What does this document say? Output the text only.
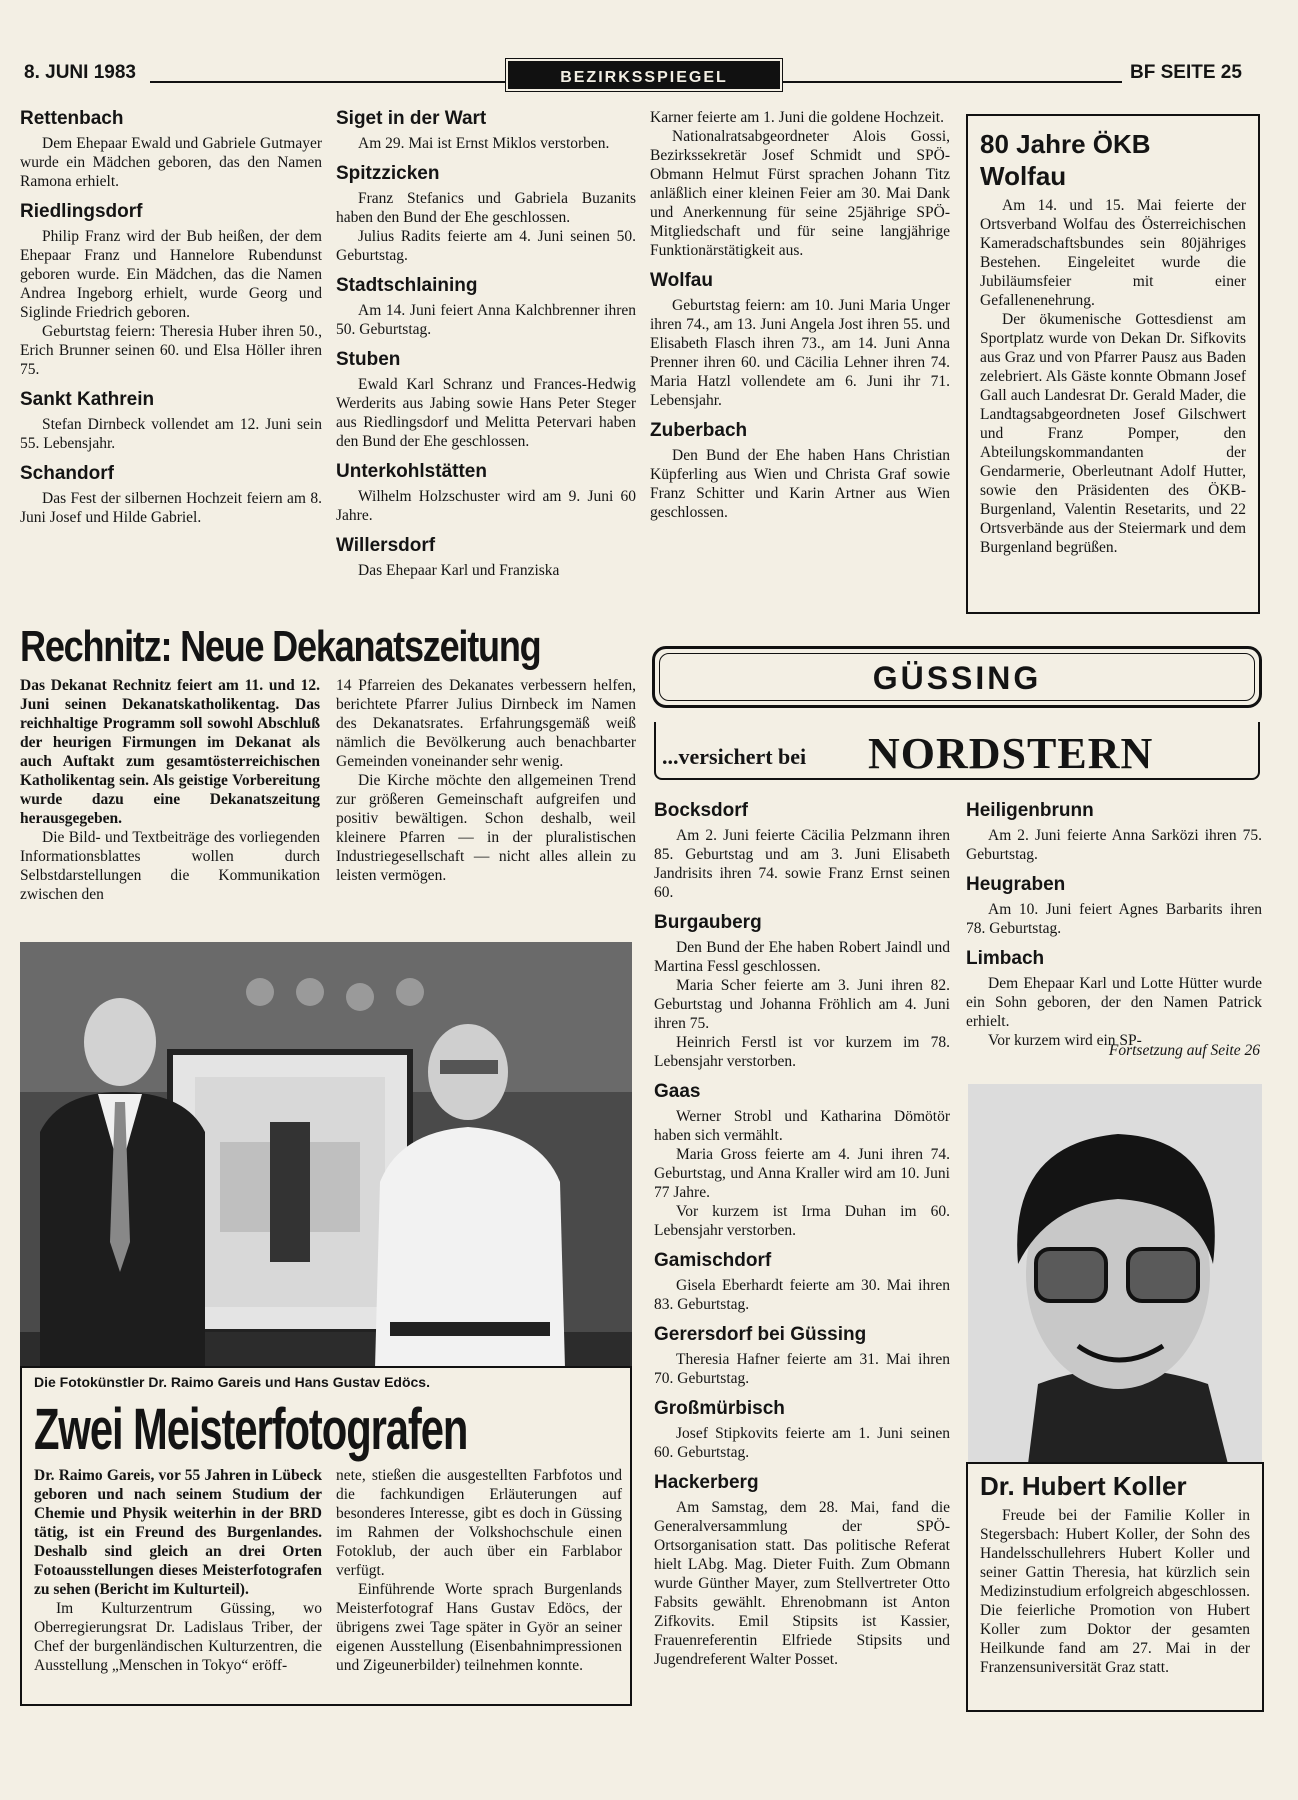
8. JUNI 1983	BEZIRKSSPIEGEL	BF SEITE 25
Rettenbach

Dem Ehepaar Ewald und Gabriele Gutmayer wurde ein Mädchen geboren, das den Namen Ramona erhielt.

Riedlingsdorf

Philip Franz wird der Bub heißen, der dem Ehepaar Franz und Hannelore Rubendunst geboren wurde. Ein Mädchen, das die Namen Andrea Ingeborg erhielt, wurde Georg und Siglinde Friedrich geboren.

Geburtstag feiern: Theresia Huber ihren 50., Erich Brunner seinen 60. und Elsa Höller ihren 75.

Sankt Kathrein

Stefan Dirnbeck vollendet am 12. Juni sein 55. Lebensjahr.

Schandorf

Das Fest der silbernen Hochzeit feiern am 8. Juni Josef und Hilde Gabriel.

Siget in der Wart

Am 29. Mai ist Ernst Miklos verstorben.

Spitzzicken

Franz Stefanics und Gabriela Buzanits haben den Bund der Ehe geschlossen.

Julius Radits feierte am 4. Juni seinen 50. Geburtstag.

Stadtschlaining

Am 14. Juni feiert Anna Kalchbrenner ihren 50. Geburtstag.

Stuben

Ewald Karl Schranz und Frances-Hedwig Werderits aus Jabing sowie Hans Peter Steger aus Riedlingsdorf und Melitta Petervari haben den Bund der Ehe geschlossen.

Unterkohlstätten

Wilhelm Holzschuster wird am 9. Juni 60 Jahre.

Willersdorf

Das Ehepaar Karl und Franziska

Karner feierte am 1. Juni die goldene Hochzeit.

Nationalratsabgeordneter Alois Gossi, Bezirkssekretär Josef Schmidt und SPÖ-Obmann Helmut Fürst sprachen Johann Titz anläßlich einer kleinen Feier am 30. Mai Dank und Anerkennung für seine 25jährige SPÖ-Mitgliedschaft und für seine langjährige Funktionärstätigkeit aus.

Wolfau

Geburtstag feiern: am 10. Juni Maria Unger ihren 74., am 13. Juni Angela Jost ihren 55. und Elisabeth Flasch ihren 73., am 14. Juni Anna Prenner ihren 60. und Cäcilia Lehner ihren 74. Maria Hatzl vollendete am 6. Juni ihr 71. Lebensjahr.

Zuberbach

Den Bund der Ehe haben Hans Christian Küpferling aus Wien und Christa Graf sowie Franz Schitter und Karin Artner aus Wien geschlossen.

80 Jahre ÖKB
Wolfau

Am 14. und 15. Mai feierte der Ortsverband Wolfau des Österreichischen Kameradschaftsbundes sein 80jähriges Bestehen. Eingeleitet wurde die Jubiläumsfeier mit einer Gefallenenehrung.

Der ökumenische Gottesdienst am Sportplatz wurde von Dekan Dr. Sifkovits aus Graz und von Pfarrer Pausz aus Baden zelebriert. Als Gäste konnte Obmann Josef Gall auch Landesrat Dr. Gerald Mader, die Landtagsabgeordneten Josef Gilschwert und Franz Pomper, den Abteilungskommandanten der Gendarmerie, Oberleutnant Adolf Hutter, sowie den Präsidenten des ÖKB-Burgenland, Valentin Resetarits, und 22 Ortsverbände aus der Steiermark und dem Burgenland begrüßen.

Rechnitz: Neue Dekanatszeitung

Das Dekanat Rechnitz feiert am 11. und 12. Juni seinen Dekanatskatholikentag. Das reichhaltige Programm soll sowohl Abschluß der heurigen Firmungen im Dekanat als auch Auftakt zum gesamtösterreichischen Katholikentag sein. Als geistige Vorbereitung wurde dazu eine Dekanatszeitung herausgegeben.

Die Bild- und Textbeiträge des vorliegenden Informationsblattes wollen durch Selbstdarstellungen die Kommunikation zwischen den

14 Pfarreien des Dekanates verbessern helfen, berichtete Pfarrer Julius Dirnbeck im Namen des Dekanatsrates. Erfahrungsgemäß weiß nämlich die Bevölkerung auch benachbarter Gemeinden voneinander sehr wenig.

Die Kirche möchte den allgemeinen Trend zur größeren Gemeinschaft aufgreifen und positiv bewältigen. Schon deshalb, weil kleinere Pfarren — in der pluralistischen Industriegesellschaft — nicht alles allein zu leisten vermögen.

Die Fotokünstler Dr. Raimo Gareis und Hans Gustav Edöcs.
Zwei Meisterfotografen

Dr. Raimo Gareis, vor 55 Jahren in Lübeck geboren und nach seinem Studium der Chemie und Physik weiterhin in der BRD tätig, ist ein Freund des Burgenlandes. Deshalb sind gleich an drei Orten Fotoausstellungen dieses Meisterfotografen zu sehen (Bericht im Kulturteil).

Im Kulturzentrum Güssing, wo Oberregierungsrat Dr. Ladislaus Triber, der Chef der burgenländischen Kulturzentren, die Ausstellung „Menschen in Tokyo“ eröff-

nete, stießen die ausgestellten Farbfotos und die fachkundigen Erläuterungen auf besonderes Interesse, gibt es doch in Güssing im Rahmen der Volkshochschule einen Fotoklub, der auch über ein Farblabor verfügt.

Einführende Worte sprach Burgenlands Meisterfotograf Hans Gustav Edöcs, der übrigens zwei Tage später in Györ an seiner eigenen Ausstellung (Eisenbahnimpressionen und Zigeunerbilder) teilnehmen konnte.

GÜSSING
...versichert bei NORDSTERN
Bocksdorf

Am 2. Juni feierte Cäcilia Pelzmann ihren 85. Geburtstag und am 3. Juni Elisabeth Jandrisits ihren 74. sowie Franz Ernst seinen 60.

Burgauberg

Den Bund der Ehe haben Robert Jaindl und Martina Fessl geschlossen.

Maria Scher feierte am 3. Juni ihren 82. Geburtstag und Johanna Fröhlich am 4. Juni ihren 75.

Heinrich Ferstl ist vor kurzem im 78. Lebensjahr verstorben.

Gaas

Werner Strobl und Katharina Dömötör haben sich vermählt.

Maria Gross feierte am 4. Juni ihren 74. Geburtstag, und Anna Kraller wird am 10. Juni 77 Jahre.

Vor kurzem ist Irma Duhan im 60. Lebensjahr verstorben.

Gamischdorf

Gisela Eberhardt feierte am 30. Mai ihren 83. Geburtstag.

Gerersdorf bei Güssing

Theresia Hafner feierte am 31. Mai ihren 70. Geburtstag.

Großmürbisch

Josef Stipkovits feierte am 1. Juni seinen 60. Geburtstag.

Hackerberg

Am Samstag, dem 28. Mai, fand die Generalversammlung der SPÖ-Ortsorganisation statt. Das politische Referat hielt LAbg. Mag. Dieter Fuith. Zum Obmann wurde Günther Mayer, zum Stellvertreter Otto Fabsits gewählt. Ehrenobmann ist Anton Zifkovits. Emil Stipsits ist Kassier, Frauenreferentin Elfriede Stipsits und Jugendreferent Walter Posset.

Heiligenbrunn

Am 2. Juni feierte Anna Sarközi ihren 75. Geburtstag.

Heugraben

Am 10. Juni feiert Agnes Barbarits ihren 78. Geburtstag.

Limbach

Dem Ehepaar Karl und Lotte Hütter wurde ein Sohn geboren, der den Namen Patrick erhielt.

Vor kurzem wird ein SP-

Fortsetzung auf Seite 26
Dr. Hubert Koller

Freude bei der Familie Koller in Stegersbach: Hubert Koller, der Sohn des Handelsschullehrers Hubert Koller und seiner Gattin Theresia, hat kürzlich sein Medizinstudium erfolgreich abgeschlossen. Die feierliche Promotion von Hubert Koller zum Doktor der gesamten Heilkunde fand am 27. Mai in der Franzensuniversität Graz statt.
